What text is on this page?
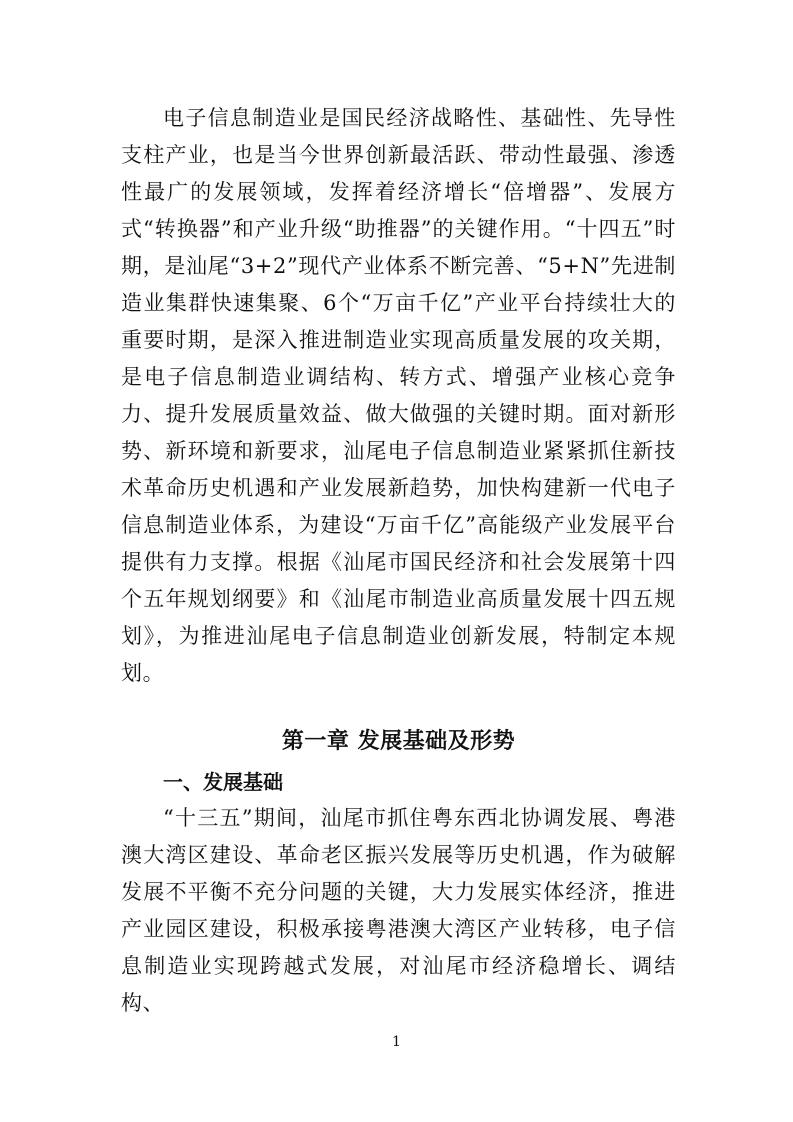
电子信息制造业是国民经济战略性、基础性、先导性支柱产业，也是当今世界创新最活跃、带动性最强、渗透性最广的发展领域，发挥着经济增长“倍增器”、发展方式“转换器”和产业升级“助推器”的关键作用。“十四五”时期，是汕尾“3+2”现代产业体系不断完善、“5+N”先进制造业集群快速集聚、6个“万亩千亿”产业平台持续壮大的重要时期，是深入推进制造业实现高质量发展的攻关期，是电子信息制造业调结构、转方式、增强产业核心竞争力、提升发展质量效益、做大做强的关键时期。面对新形势、新环境和新要求，汕尾电子信息制造业紧紧抓住新技术革命历史机遇和产业发展新趋势，加快构建新一代电子信息制造业体系，为建设“万亩千亿”高能级产业发展平台提供有力支撑。根据《汕尾市国民经济和社会发展第十四个五年规划纲要》和《汕尾市制造业高质量发展十四五规划》，为推进汕尾电子信息制造业创新发展，特制定本规划。

第一章 发展基础及形势
一、发展基础

“十三五”期间，汕尾市抓住粤东西北协调发展、粤港澳大湾区建设、革命老区振兴发展等历史机遇，作为破解发展不平衡不充分问题的关键，大力发展实体经济，推进产业园区建设，积极承接粤港澳大湾区产业转移，电子信息制造业实现跨越式发展，对汕尾市经济稳增长、调结构、

1
